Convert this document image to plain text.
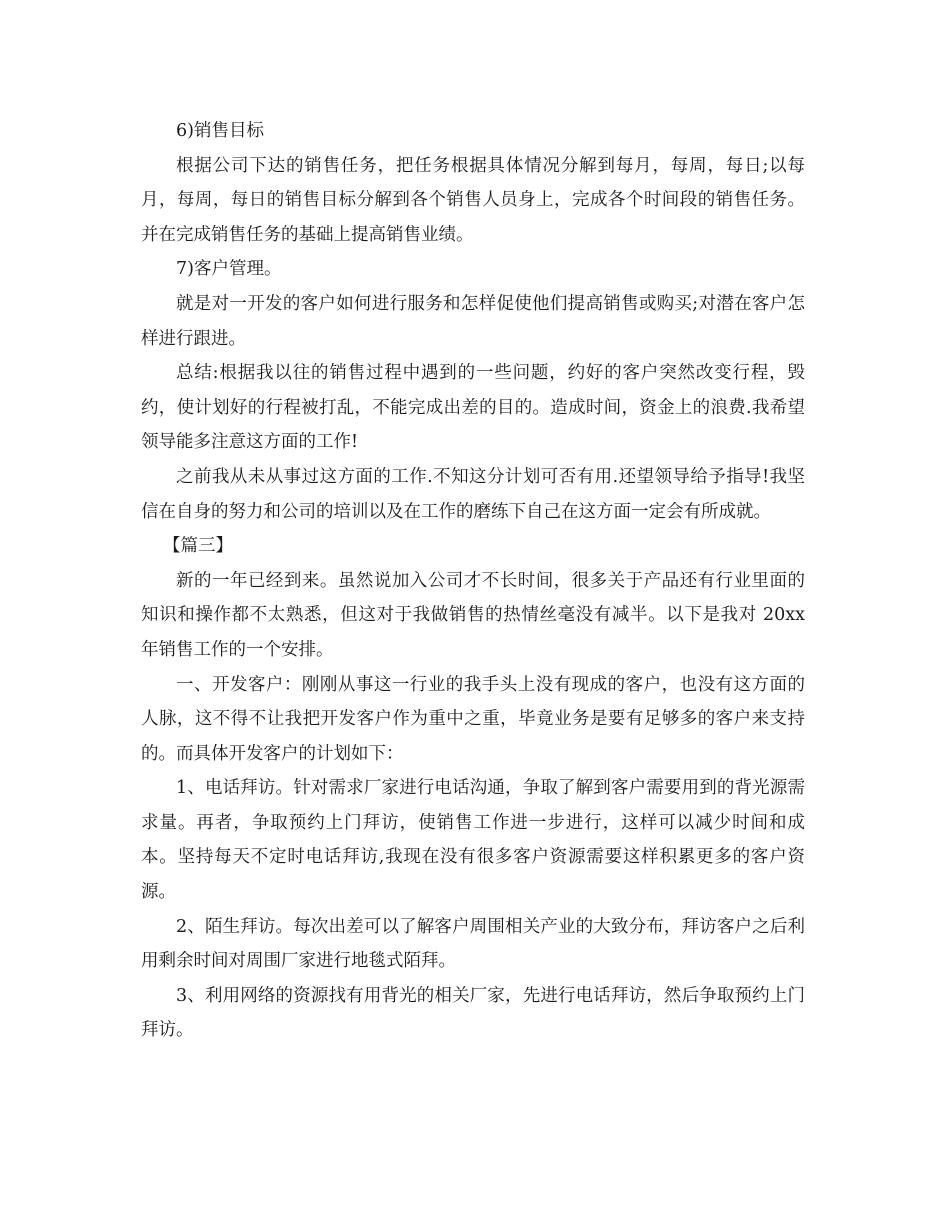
6)销售目标

根据公司下达的销售任务，把任务根据具体情况分解到每月，每周，每日;以每月，每周，每日的销售目标分解到各个销售人员身上，完成各个时间段的销售任务。并在完成销售任务的基础上提高销售业绩。

7)客户管理。

就是对一开发的客户如何进行服务和怎样促使他们提高销售或购买;对潜在客户怎样进行跟进。

总结:根据我以往的销售过程中遇到的一些问题，约好的客户突然改变行程，毁约，使计划好的行程被打乱，不能完成出差的目的。造成时间，资金上的浪费.我希望领导能多注意这方面的工作!

之前我从未从事过这方面的工作.不知这分计划可否有用.还望领导给予指导!我坚信在自身的努力和公司的培训以及在工作的磨练下自己在这方面一定会有所成就。

【篇三】

新的一年已经到来。虽然说加入公司才不长时间，很多关于产品还有行业里面的知识和操作都不太熟悉，但这对于我做销售的热情丝毫没有减半。以下是我对 20xx 年销售工作的一个安排。

一、开发客户：刚刚从事这一行业的我手头上没有现成的客户，也没有这方面的人脉，这不得不让我把开发客户作为重中之重，毕竟业务是要有足够多的客户来支持的。而具体开发客户的计划如下：

1、电话拜访。针对需求厂家进行电话沟通，争取了解到客户需要用到的背光源需求量。再者，争取预约上门拜访，使销售工作进一步进行，这样可以减少时间和成本。坚持每天不定时电话拜访,我现在没有很多客户资源需要这样积累更多的客户资源。

2、陌生拜访。每次出差可以了解客户周围相关产业的大致分布，拜访客户之后利用剩余时间对周围厂家进行地毯式陌拜。

3、利用网络的资源找有用背光的相关厂家，先进行电话拜访，然后争取预约上门拜访。
